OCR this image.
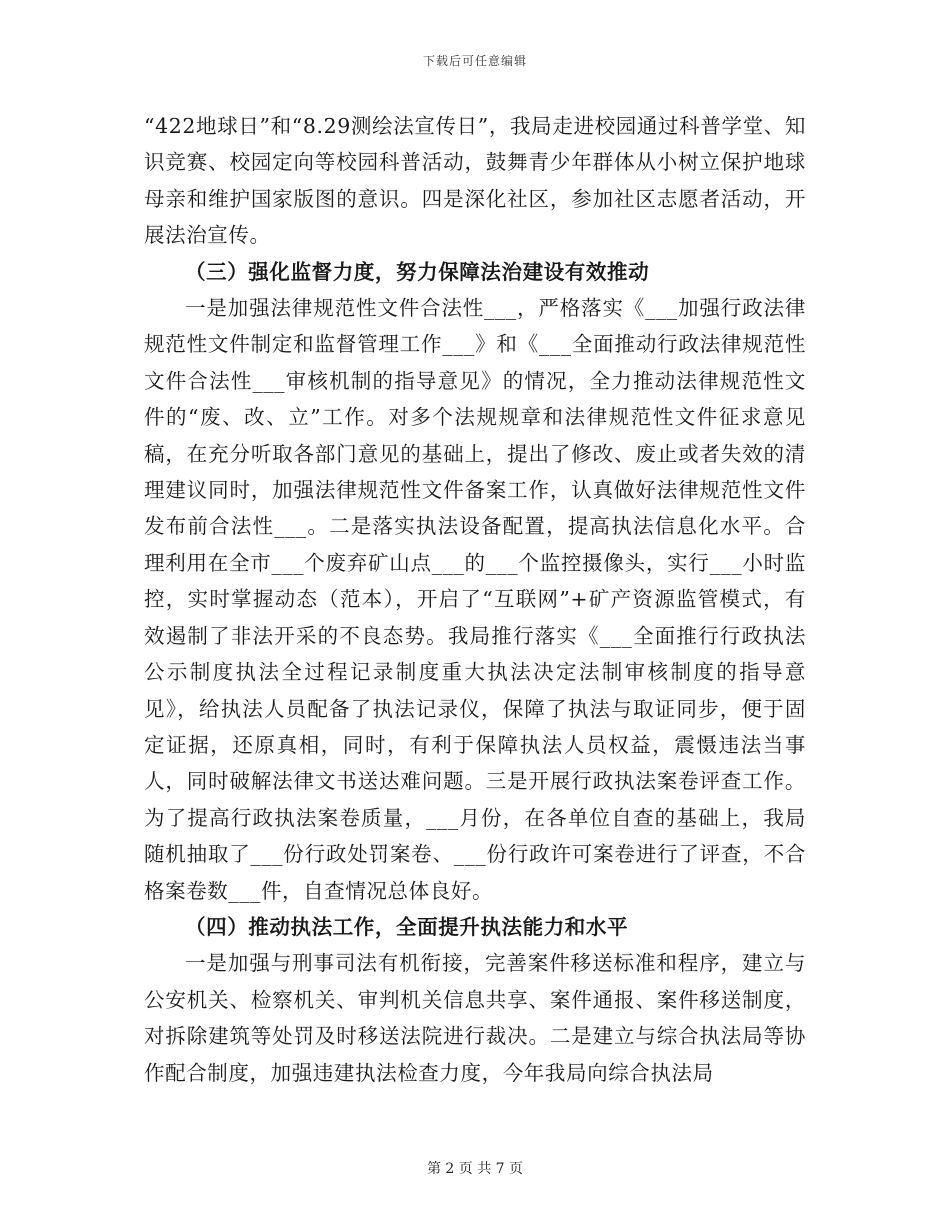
下载后可任意编辑

“422地球日”和“8.29测绘法宣传日”，我局走进校园通过科普学堂、知识竞赛、校园定向等校园科普活动，鼓舞青少年群体从小树立保护地球母亲和维护国家版图的意识。四是深化社区，参加社区志愿者活动，开展法治宣传。

（三）强化监督力度，努力保障法治建设有效推动

一是加强法律规范性文件合法性___，严格落实《___加强行政法律规范性文件制定和监督管理工作___》和《___全面推动行政法律规范性文件合法性___审核机制的指导意见》的情况，全力推动法律规范性文件的“废、改、立”工作。对多个法规规章和法律规范性文件征求意见稿，在充分听取各部门意见的基础上，提出了修改、废止或者失效的清理建议同时，加强法律规范性文件备案工作，认真做好法律规范性文件发布前合法性___。二是落实执法设备配置，提高执法信息化水平。合理利用在全市___个废弃矿山点___的___个监控摄像头，实行___小时监控，实时掌握动态（范本），开启了“互联网”+矿产资源监管模式，有效遏制了非法开采的不良态势。我局推行落实《___全面推行行政执法公示制度执法全过程记录制度重大执法决定法制审核制度的指导意见》，给执法人员配备了执法记录仪，保障了执法与取证同步，便于固定证据，还原真相，同时，有利于保障执法人员权益，震慑违法当事人，同时破解法律文书送达难问题。三是开展行政执法案卷评查工作。为了提高行政执法案卷质量，___月份，在各单位自查的基础上，我局随机抽取了___份行政处罚案卷、___份行政许可案卷进行了评查，不合格案卷数___件，自查情况总体良好。

（四）推动执法工作，全面提升执法能力和水平

一是加强与刑事司法有机衔接，完善案件移送标准和程序，建立与公安机关、检察机关、审判机关信息共享、案件通报、案件移送制度，对拆除建筑等处罚及时移送法院进行裁决。二是建立与综合执法局等协作配合制度，加强违建执法检查力度，今年我局向综合执法局

第 2 页 共 7 页
